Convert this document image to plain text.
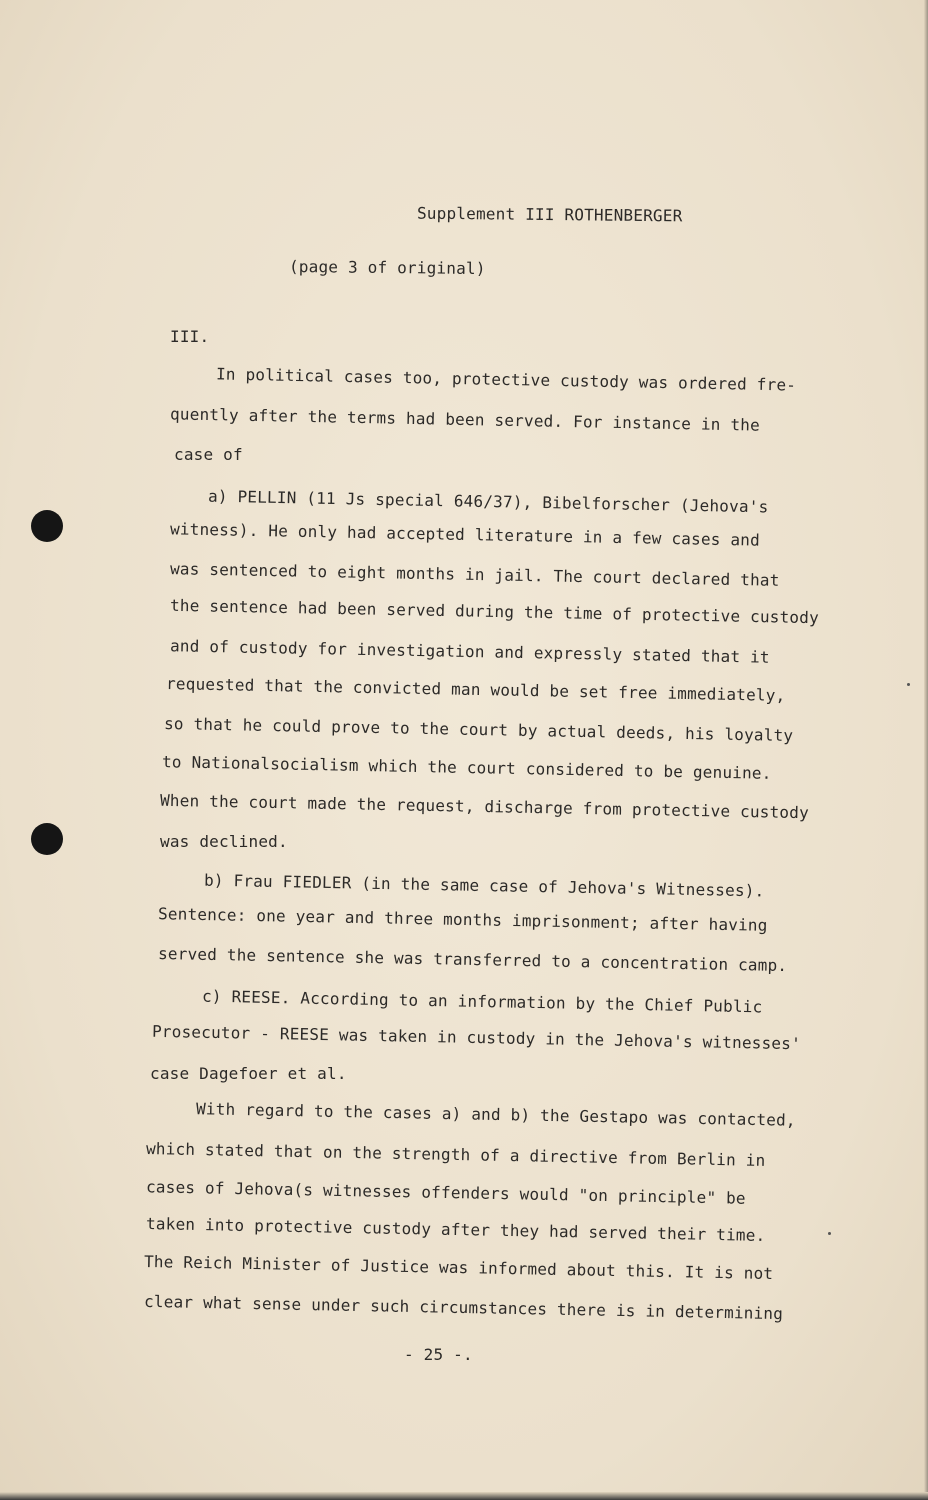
Supplement III ROTHENBERGER
(page 3 of original)
III.
In political cases too, protective custody was ordered fre-
quently after the terms had been served. For instance in the
case of
a) PELLIN (11 Js special 646/37), Bibelforscher (Jehova's
witness). He only had accepted literature in a few cases and
was sentenced to eight months in jail. The court declared that
the sentence had been served during the time of protective custody
and of custody for investigation and expressly stated that it
requested that the convicted man would be set free immediately,
so that he could prove to the court by actual deeds, his loyalty
to Nationalsocialism which the court considered to be genuine.
When the court made the request, discharge from protective custody
was declined.
b) Frau FIEDLER (in the same case of Jehova's Witnesses).
Sentence: one year and three months imprisonment; after having
served the sentence she was transferred to a concentration camp.
c) REESE. According to an information by the Chief Public
Prosecutor - REESE was taken in custody in the Jehova's witnesses'
case Dagefoer et al.
With regard to the cases a) and b) the Gestapo was contacted,
which stated that on the strength of a directive from Berlin in
cases of Jehova(s witnesses offenders would "on principle" be
taken into protective custody after they had served their time.
The Reich Minister of Justice was informed about this. It is not
clear what sense under such circumstances there is in determining
- 25 -.
